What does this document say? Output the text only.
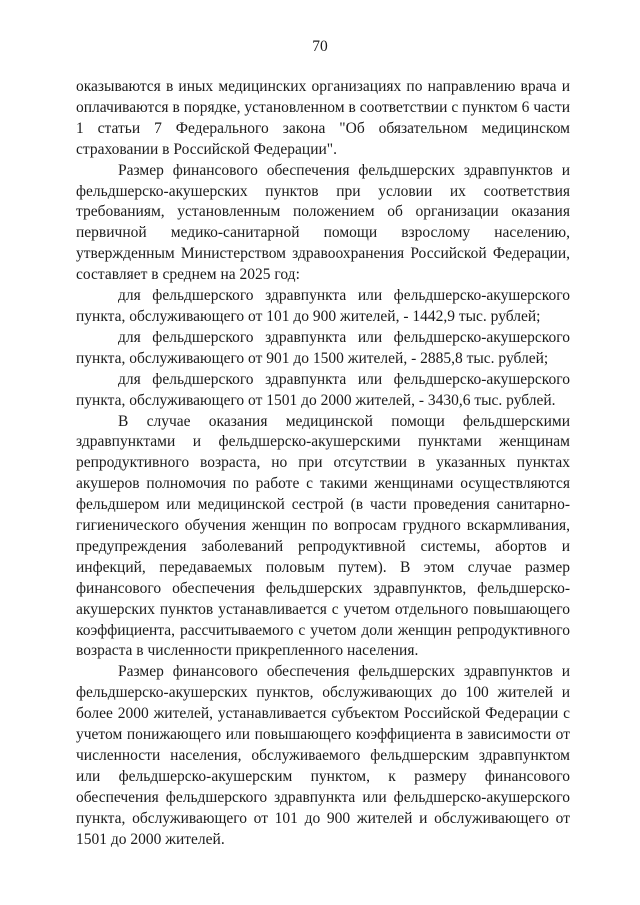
70

оказываются в иных медицинских организациях по направлению врача и оплачиваются в порядке, установленном в соответствии с пунктом 6 части 1 статьи 7 Федерального закона "Об обязательном медицинском страховании в Российской Федерации".

Размер финансового обеспечения фельдшерских здравпунктов и фельдшерско-акушерских пунктов при условии их соответствия требованиям, установленным положением об организации оказания первичной медико-санитарной помощи взрослому населению, утвержденным Министерством здравоохранения Российской Федерации, составляет в среднем на 2025 год:

для фельдшерского здравпункта или фельдшерско-акушерского пункта, обслуживающего от 101 до 900 жителей, - 1442,9 тыс. рублей;

для фельдшерского здравпункта или фельдшерско-акушерского пункта, обслуживающего от 901 до 1500 жителей, - 2885,8 тыс. рублей;

для фельдшерского здравпункта или фельдшерско-акушерского пункта, обслуживающего от 1501 до 2000 жителей, - 3430,6 тыс. рублей.

В случае оказания медицинской помощи фельдшерскими здравпунктами и фельдшерско-акушерскими пунктами женщинам репродуктивного возраста, но при отсутствии в указанных пунктах акушеров полномочия по работе с такими женщинами осуществляются фельдшером или медицинской сестрой (в части проведения санитарно-гигиенического обучения женщин по вопросам грудного вскармливания, предупреждения заболеваний репродуктивной системы, абортов и инфекций, передаваемых половым путем). В этом случае размер финансового обеспечения фельдшерских здравпунктов, фельдшерско-акушерских пунктов устанавливается с учетом отдельного повышающего коэффициента, рассчитываемого с учетом доли женщин репродуктивного возраста в численности прикрепленного населения.

Размер финансового обеспечения фельдшерских здравпунктов и фельдшерско-акушерских пунктов, обслуживающих до 100 жителей и более 2000 жителей, устанавливается субъектом Российской Федерации с учетом понижающего или повышающего коэффициента в зависимости от численности населения, обслуживаемого фельдшерским здравпунктом или фельдшерско-акушерским пунктом, к размеру финансового обеспечения фельдшерского здравпункта или фельдшерско-акушерского пункта, обслуживающего от 101 до 900 жителей и обслуживающего от 1501 до 2000 жителей.
